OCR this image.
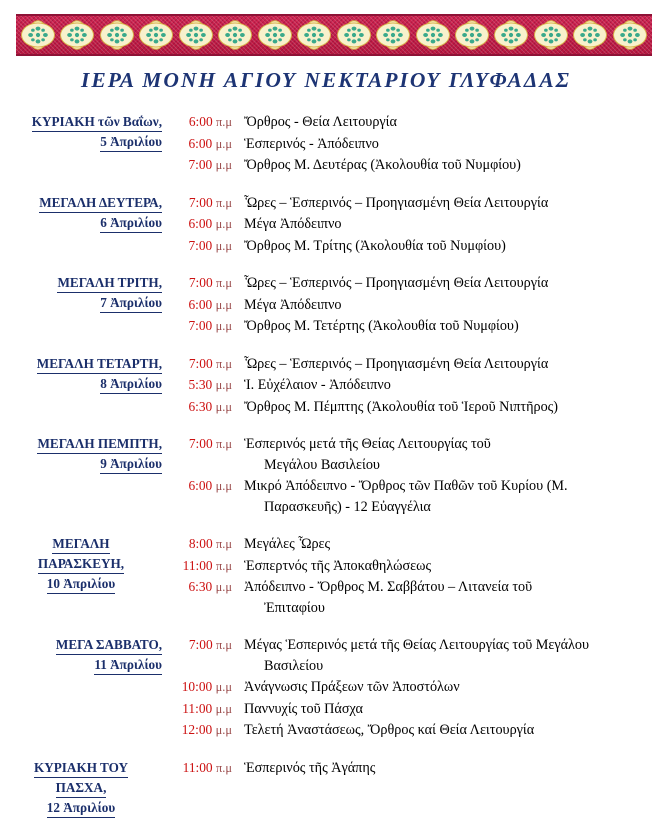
ΙΕΡΑ ΜΟΝΗ ΑΓΙΟΥ ΝΕΚΤΑΡΙΟΥ ΓΛΥΦΑΔΑΣ
ΚΥΡΙΑΚΗ τῶν Βαΐων,
5 Ἀπριλίου
6:00 π.μ Ὄρθρος - Θεία Λειτουργία
6:00 μ.μ Ἑσπερινός - Ἀπόδειπνο
7:00 μ.μ Ὄρθρος Μ. Δευτέρας (Ἀκολουθία τοῦ Νυμφίου)
ΜΕΓΑΛΗ ΔΕΥΤΕΡΑ,
6 Ἀπριλίου
7:00 π.μ Ὧρες – Ἑσπερινός – Προηγιασμένη Θεία Λειτουργία
6:00 μ.μ Μέγα Ἀπόδειπνο
7:00 μ.μ Ὄρθρος Μ. Τρίτης (Ἀκολουθία τοῦ Νυμφίου)
ΜΕΓΑΛΗ ΤΡΙΤΗ,
7 Ἀπριλίου
7:00 π.μ Ὧρες – Ἑσπερινός – Προηγιασμένη Θεία Λειτουργία
6:00 μ.μ Μέγα Ἀπόδειπνο
7:00 μ.μ Ὄρθρος Μ. Τετέρτης (Ἀκολουθία τοῦ Νυμφίου)
ΜΕΓΑΛΗ ΤΕΤΑΡΤΗ,
8 Ἀπριλίου
7:00 π.μ Ὧρες – Ἑσπερινός – Προηγιασμένη Θεία Λειτουργία
5:30 μ.μ Ἱ. Εὐχέλαιον - Ἀπόδειπνο
6:30 μ.μ Ὄρθρος Μ. Πέμπτης (Ἀκολουθία τοῦ Ἱεροῦ Νιπτῆρος)
ΜΕΓΑΛΗ ΠΕΜΠΤΗ,
9 Ἀπριλίου
7:00 π.μ Ἑσπερινός μετά τῆς Θείας Λειτουργίας τοῦ
Μεγάλου Βασιλείου
6:00 μ.μ Μικρό Ἀπόδειπνο - Ὄρθρος τῶν Παθῶν τοῦ Κυρίου (Μ.
Παρασκευῆς) - 12 Εὐαγγέλια
ΜΕΓΑΛΗ
ΠΑΡΑΣΚΕΥΗ,
10 Ἀπριλίου
8:00 π.μ Μεγάλες Ὧρες
11:00 π.μ Ἑσπερτνός τῆς Ἀποκαθηλώσεως
6:30 μ.μ Ἀπόδειπνο - Ὄρθρος Μ. Σαββάτου – Λιτανεία τοῦ
Ἐπιταφίου
ΜΕΓΑ ΣΑΒΒΑΤΟ,
11 Ἀπριλίου
7:00 π.μ Μέγας Ἑσπερινός μετά τῆς Θείας Λειτουργίας τοῦ Μεγάλου
Βασιλείου
10:00 μ.μ Ἀνάγνωσις Πράξεων τῶν Ἀποστόλων
11:00 μ.μ Παννυχίς τοῦ Πάσχα
12:00 μ.μ Τελετή Ἀναστάσεως, Ὄρθρος καί Θεία Λειτουργία
ΚΥΡΙΑΚΗ ΤΟΥ
ΠΑΣΧΑ,
12 Ἀπριλίου
11:00 π.μ Ἑσπερινός τῆς Ἀγάπης
